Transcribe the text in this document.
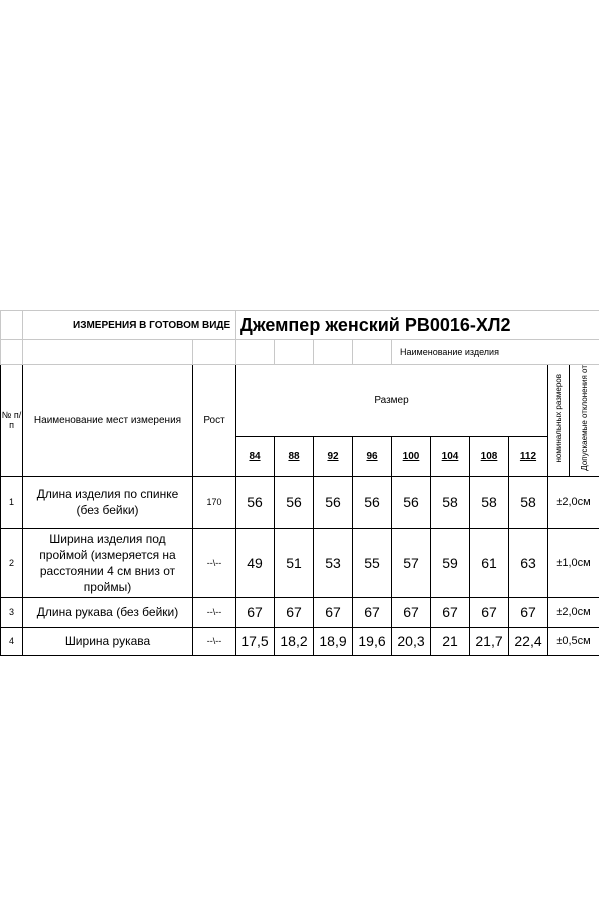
	ИЗМЕРЕНИЯ В ГОТОВОМ ВИДЕ		Джемпер женский РВ0016-ХЛ2									
							Наименование изделия					
№ п/п	Наименование мест измерения	Рост	Размер								номинальных размеров	Допускаемые отклонения от
			84	88	92	96	100	104	108	112		
1	Длина изделия по спинке (без бейки)	170	56	56	56	56	56	58	58	58	±2,0см	
2	Ширина изделия под проймой (измеряется на расстоянии 4 см вниз от проймы)	--\--	49	51	53	55	57	59	61	63	±1,0см	
3	Длина рукава (без бейки)	--\--	67	67	67	67	67	67	67	67	±2,0см	
4	Ширина рукава	--\--	17,5	18,2	18,9	19,6	20,3	21	21,7	22,4	±0,5см	
